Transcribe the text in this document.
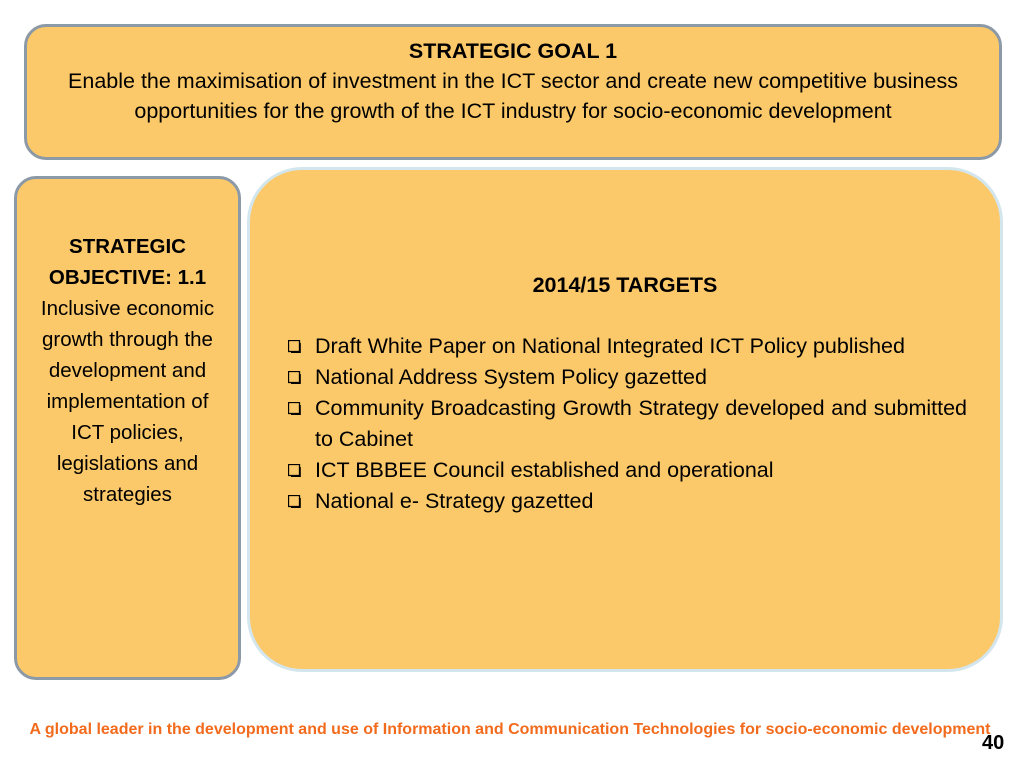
STRATEGIC GOAL 1
Enable the maximisation of investment in the ICT sector and create new competitive business opportunities for the growth of the ICT industry for socio-economic development
STRATEGIC OBJECTIVE: 1.1
Inclusive economic growth through the development and implementation of ICT policies, legislations and strategies
2014/15 TARGETS
Draft White Paper on National Integrated ICT Policy published
National Address System Policy gazetted
Community Broadcasting Growth Strategy developed and submitted to Cabinet
ICT BBBEE Council established and operational
National e- Strategy gazetted
A global leader in the development and use of Information and Communication Technologies for socio-economic development
40
